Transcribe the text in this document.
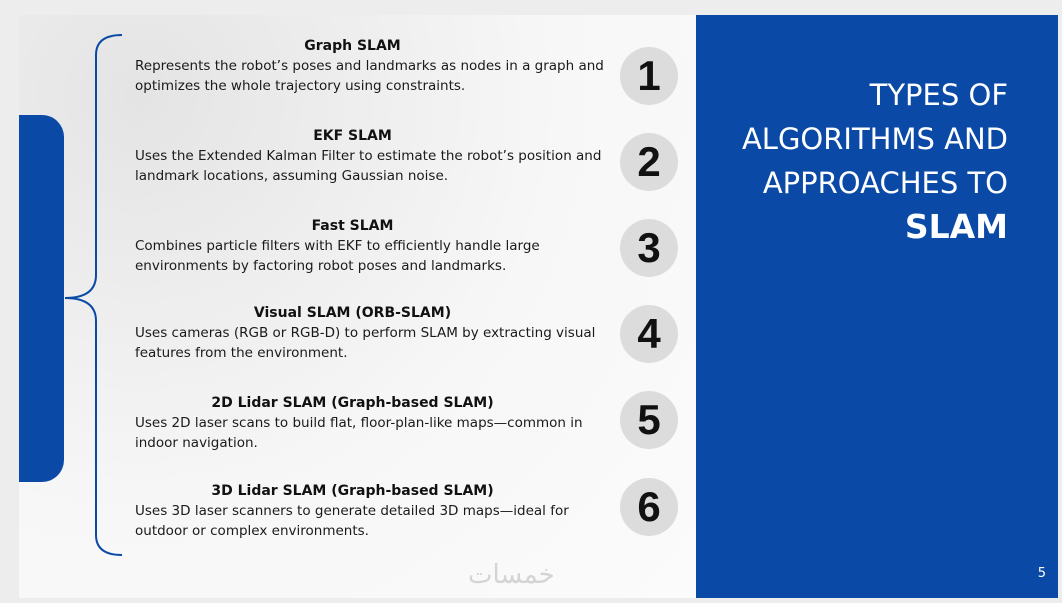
Graph SLAM
Represents the robot’s poses and landmarks as nodes in a graph and optimizes the whole trajectory using constraints.	1
EKF SLAM
Uses the Extended Kalman Filter to estimate the robot’s position and landmark locations, assuming Gaussian noise.	2
Fast SLAM
Combines particle filters with EKF to efficiently handle large environments by factoring robot poses and landmarks.	3
Visual SLAM (ORB-SLAM)
Uses cameras (RGB or RGB-D) to perform SLAM by extracting visual features from the environment.	4
2D Lidar SLAM (Graph-based SLAM)
Uses 2D laser scans to build flat, floor-plan-like maps—common in indoor navigation.	5
3D Lidar SLAM (Graph-based SLAM)
Uses 3D laser scanners to generate detailed 3D maps—ideal for outdoor or complex environments.
6
خمسات
TYPES OF
ALGORITHMS AND
APPROACHES TO
SLAM
5
